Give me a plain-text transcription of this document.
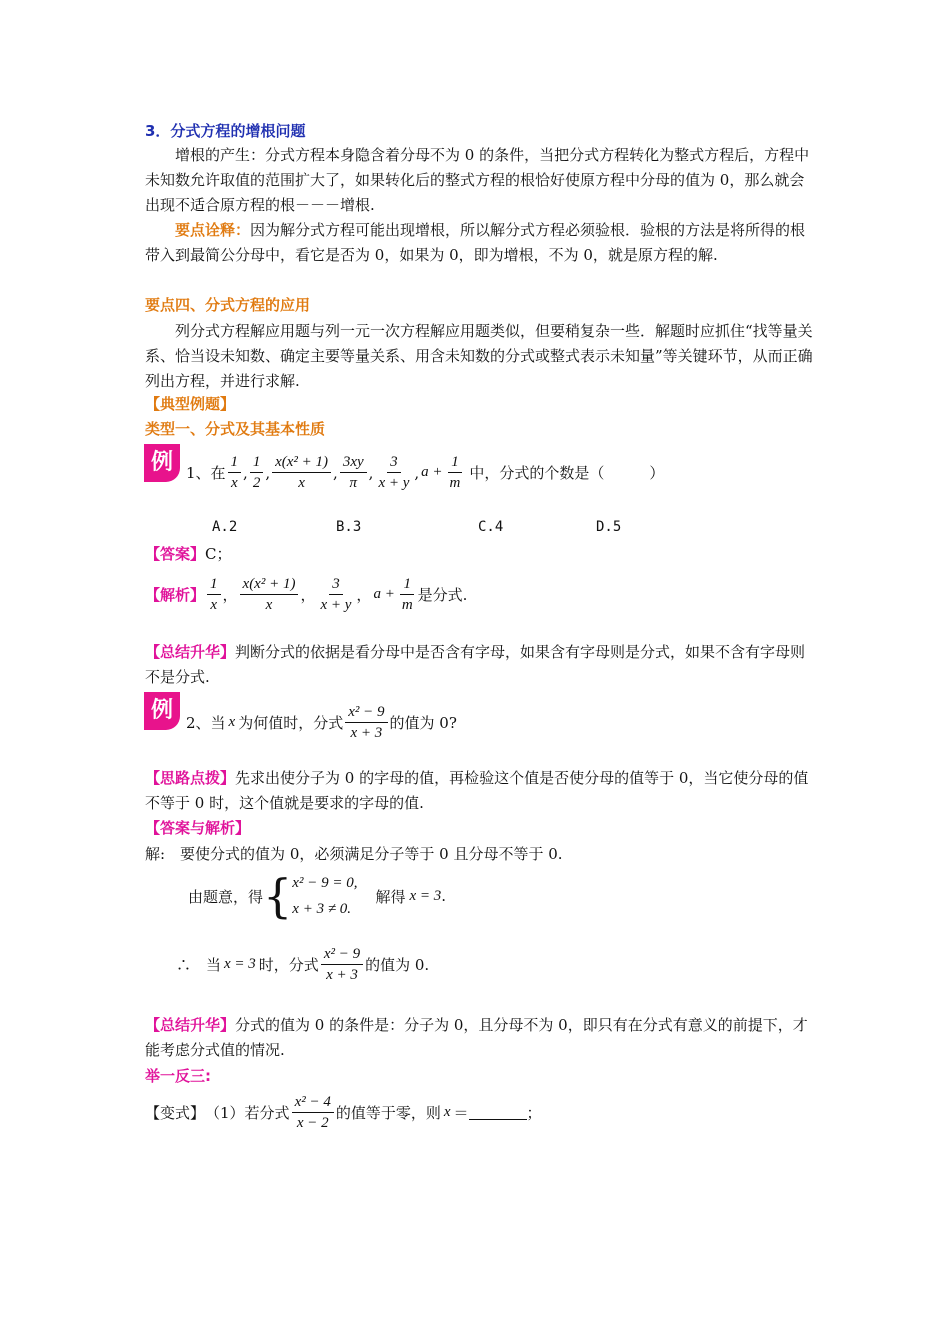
3．分式方程的增根问题
增根的产生：分式方程本身隐含着分母不为 0 的条件，当把分式方程转化为整式方程后，方程中未知数允许取值的范围扩大了，如果转化后的整式方程的根恰好使原方程中分母的值为 0，那么就会出现不适合原方程的根－－－增根.
要点诠释：因为解分式方程可能出现增根，所以解分式方程必须验根．验根的方法是将所得的根带入到最简公分母中，看它是否为 0，如果为 0，即为增根，不为 0，就是原方程的解.
要点四、分式方程的应用
列分式方程解应用题与列一元一次方程解应用题类似，但要稍复杂一些．解题时应抓住“找等量关系、恰当设未知数、确定主要等量关系、用含未知数的分式或整式表示未知量”等关键环节，从而正确列出方程，并进行求解.
【典型例题】
类型一、分式及其基本性质
例 1、在 $\frac{1}{x}$ , $\frac{1}{2}$ , $\frac{\text{x(x² + 1)}}{x}$ , $\frac{3xy}{\pi}$ , $\frac{3}{x + y}$ , $a + \frac{1}{m}$ 中，分式的个数是（　　　）
A.2	B.3	C.4	D.5
【答案】C；
【解析】 $\frac{1}{x}$ ， $\frac{\text{x(x² + 1)}}{x}$ ， $\frac{3}{x + y}$ ， $a + \frac{1}{m}$ 是分式.
【总结升华】判断分式的依据是看分母中是否含有字母，如果含有字母则是分式，如果不含有字母则不是分式.
例 2、当 x 为何值时，分式 $\frac{\text{x² − 9}}{x + 3}$ 的值为 0?
【思路点拨】先求出使分子为 0 的字母的值，再检验这个值是否使分母的值等于 0，当它使分母的值不等于 0 时，这个值就是要求的字母的值.
【答案与解析】
解:　要使分式的值为 0，必须满足分子等于 0 且分母不等于 0.
由题意，得 { x² − 9 = 0,
x + 3 ≠ 0.
解得 x = 3 .
∴　当 x = 3 时，分式 $\frac{\text{x² − 9}}{x + 3}$ 的值为 0.
【总结升华】分式的值为 0 的条件是：分子为 0，且分母不为 0，即只有在分式有意义的前提下，才能考虑分式值的情况.
举一反三:
【变式】 （1）若分式 $\frac{\text{x² − 4}}{x - 2}$ 的值等于零，则 x ＝	；
